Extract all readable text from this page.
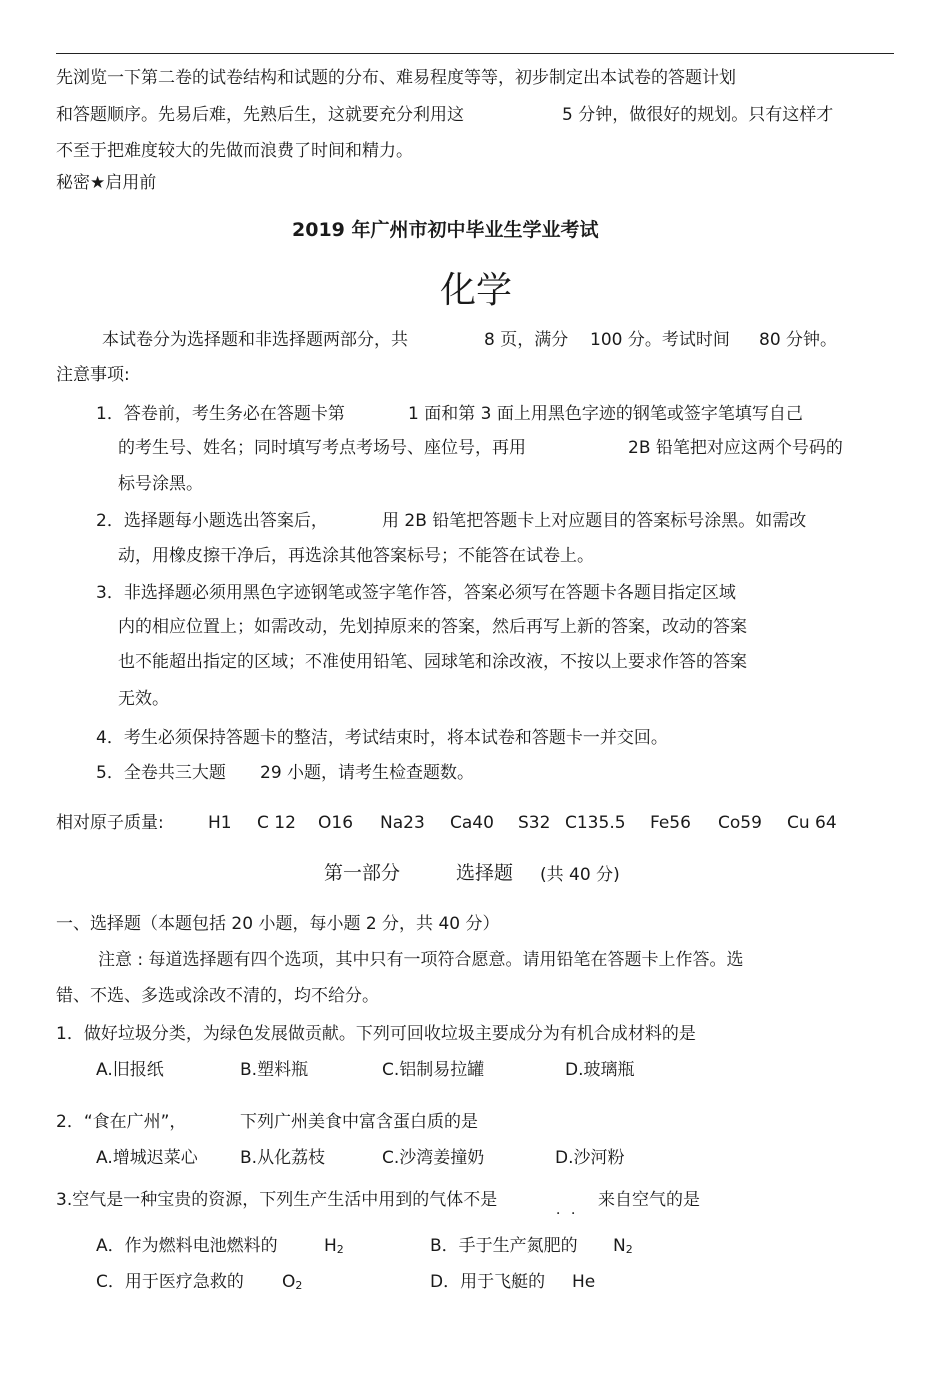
先浏览一下第二卷的试卷结构和试题的分布、难易程度等等，初步制定出本试卷的答题计划
和答题顺序。先易后难，先熟后生，这就要充分利用这	5 分钟，做很好的规划。只有这样才
不至于把难度较大的先做而浪费了时间和精力。
秘密★启用前
2019 年广州市初中毕业生学业考试
化学
本试卷分为选择题和非选择题两部分，共	8 页，满分 100 分。考试时间 80 分钟。
注意事项:
1．答卷前，考生务必在答题卡第	1 面和第 3 面上用黑色字迹的钢笔或签字笔填写自己
的考生号、姓名；同时填写考点考场号、座位号，再用	2B 铅笔把对应这两个号码的
标号涂黑。
2．选择题每小题选出答案后，	用 2B 铅笔把答题卡上对应题目的答案标号涂黑。如需改
动，用橡皮擦干净后，再选涂其他答案标号；不能答在试卷上。
3．非选择题必须用黑色字迹钢笔或签字笔作答，答案必须写在答题卡各题目指定区域
内的相应位置上；如需改动，先划掉原来的答案，然后再写上新的答案，改动的答案
也不能超出指定的区域；不准使用铅笔、园球笔和涂改液，不按以上要求作答的答案
无效。
4．考生必须保持答题卡的整洁，考试结束时，将本试卷和答题卡一并交回。
5．全卷共三大题 29 小题，请考生检查题数。
相对原子质量:	H1 C 12 O16 Na23 Ca40 S32 C135.5 Fe56 Co59 Cu 64
第一部分	选择题 (共 40 分)
一、选择题（本题包括 20 小题，每小题 2 分，共 40 分）
注意 : 每道选择题有四个选项，其中只有一项符合愿意。请用铅笔在答题卡上作答。选
错、不选、多选或涂改不清的，均不给分。
1．做好垃圾分类，为绿色发展做贡献。下列可回收垃圾主要成分为有机合成材料的是
A.旧报纸	B.塑料瓶	C.铝制易拉罐	D.玻璃瓶
2．“食在广州”，	下列广州美食中富含蛋白质的是
A.增城迟菜心 B.从化荔枝	C.沙湾姜撞奶	D.沙河粉
3.空气是一种宝贵的资源，下列生产生活中用到的气体不是	．． 来自空气的是
A．作为燃料电池燃料的	$H_2$	B．手于生产氮肥的 $N_2$
C．用于医疗急救的 $O_2$	D．用于飞艇的 He
